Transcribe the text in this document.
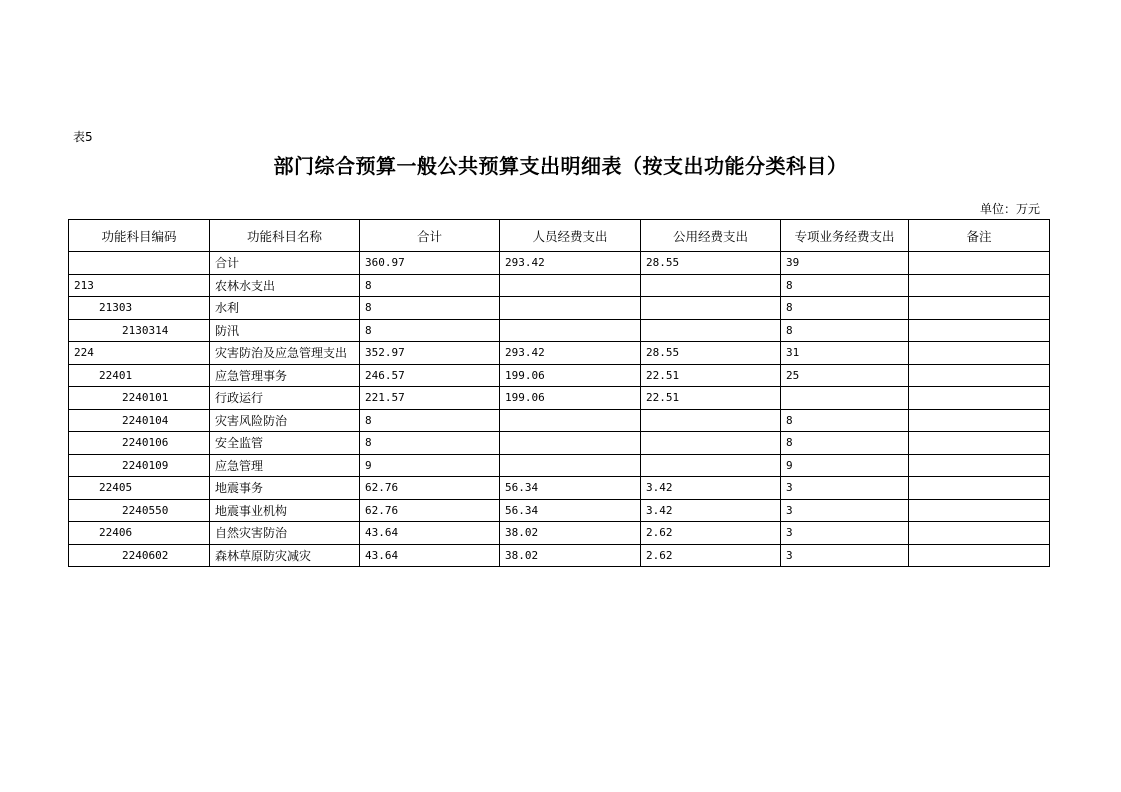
表5
部门综合预算一般公共预算支出明细表（按支出功能分类科目）
单位：万元
功能科目编码	功能科目名称	合计	人员经费支出	公用经费支出	专项业务经费支出	备注
	合计	360.97	293.42	28.55	39	
213	农林水支出	8			8	
21303	水利	8			8	
2130314	防汛	8			8	
224	灾害防治及应急管理支出	352.97	293.42	28.55	31	
22401	应急管理事务	246.57	199.06	22.51	25	
2240101	行政运行	221.57	199.06	22.51		
2240104	灾害风险防治	8			8	
2240106	安全监管	8			8	
2240109	应急管理	9			9	
22405	地震事务	62.76	56.34	3.42	3	
2240550	地震事业机构	62.76	56.34	3.42	3	
22406	自然灾害防治	43.64	38.02	2.62	3	
2240602	森林草原防灾减灾	43.64	38.02	2.62	3	
